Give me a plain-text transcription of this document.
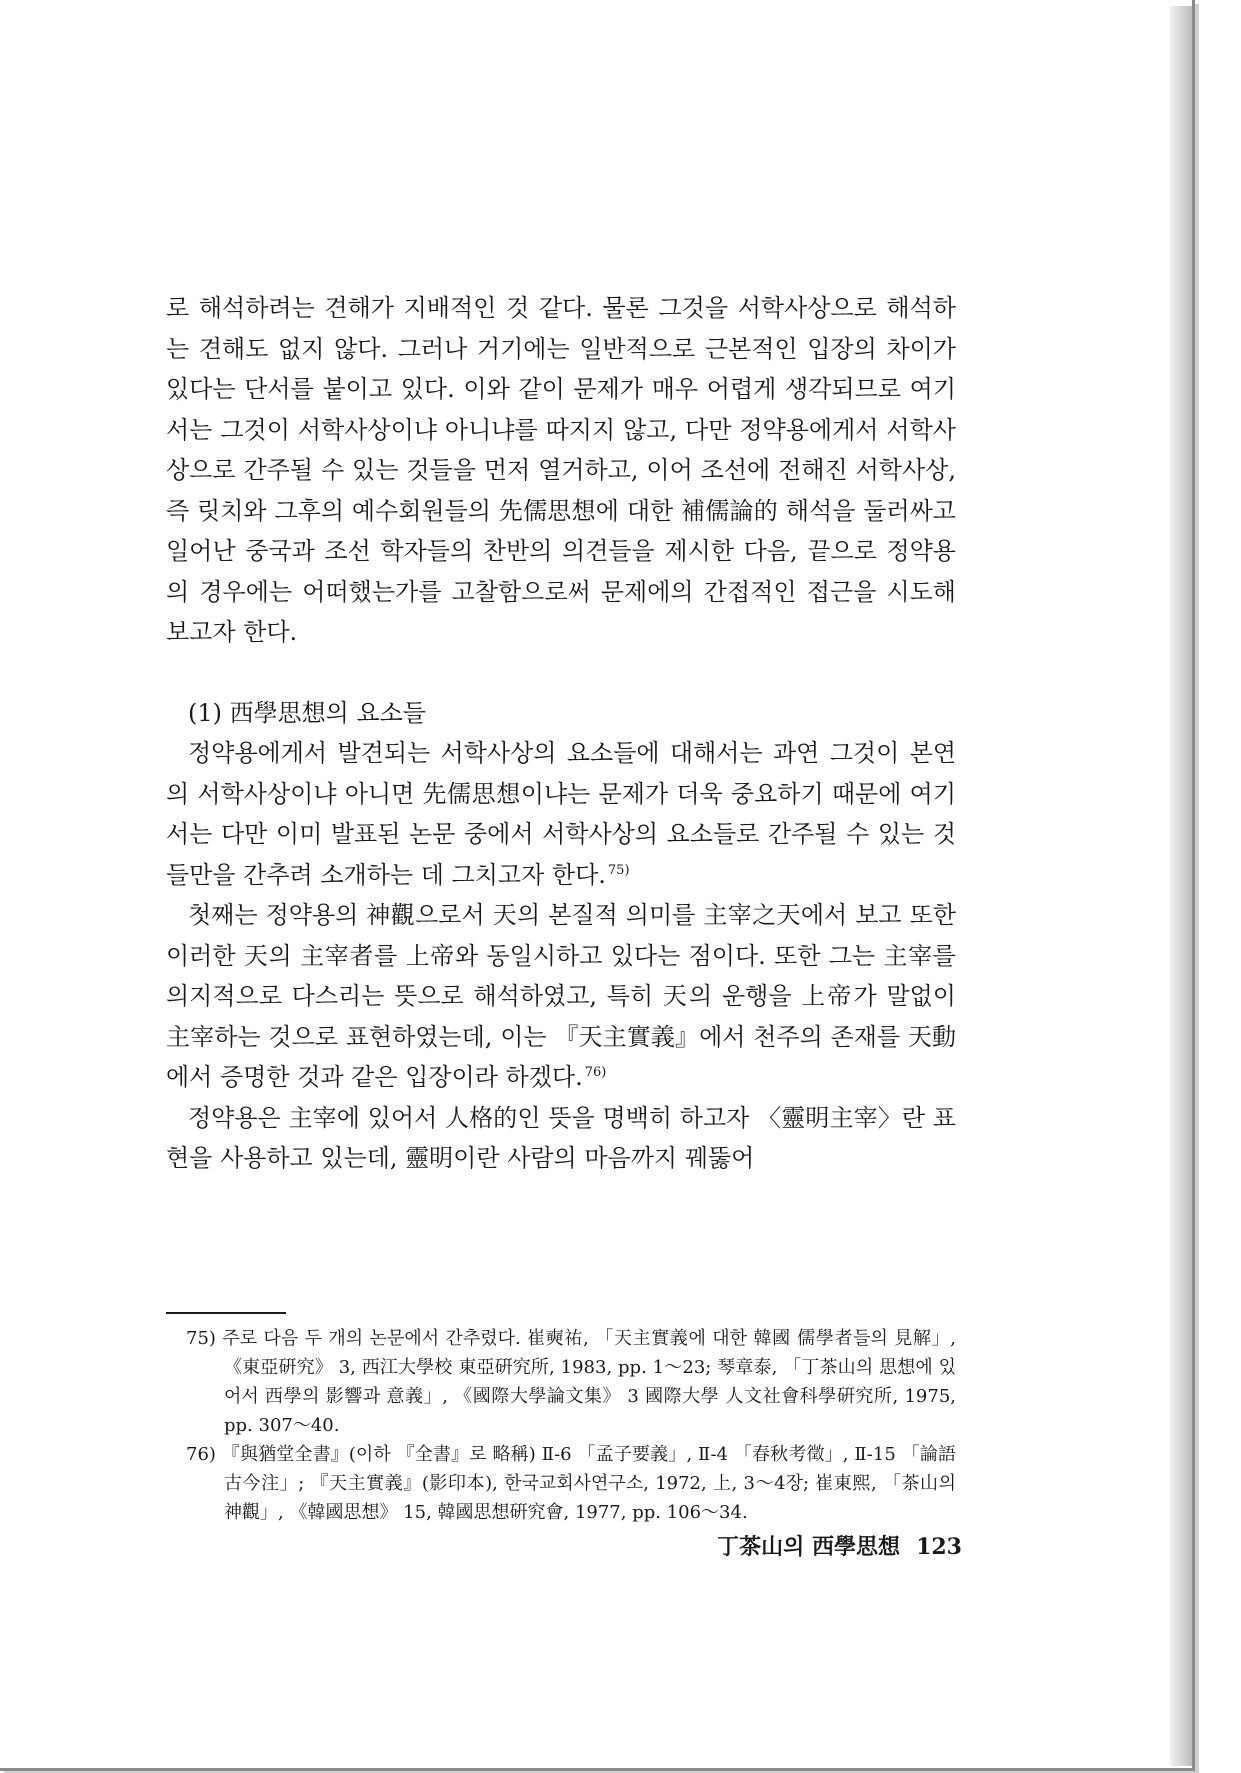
로 해석하려는 견해가 지배적인 것 같다. 물론 그것을 서학사상으로 해석하는 견해도 없지 않다. 그러나 거기에는 일반적으로 근본적인 입장의 차이가 있다는 단서를 붙이고 있다. 이와 같이 문제가 매우 어렵게 생각되므로 여기서는 그것이 서학사상이냐 아니냐를 따지지 않고, 다만 정약용에게서 서학사상으로 간주될 수 있는 것들을 먼저 열거하고, 이어 조선에 전해진 서학사상, 즉 릿치와 그후의 예수회원들의 先儒思想에 대한 補儒論的 해석을 둘러싸고 일어난 중국과 조선 학자들의 찬반의 의견들을 제시한 다음, 끝으로 정약용의 경우에는 어떠했는가를 고찰함으로써 문제에의 간접적인 접근을 시도해 보고자 한다.

(1) 西學思想의 요소들

정약용에게서 발견되는 서학사상의 요소들에 대해서는 과연 그것이 본연의 서학사상이냐 아니면 先儒思想이냐는 문제가 더욱 중요하기 때문에 여기서는 다만 이미 발표된 논문 중에서 서학사상의 요소들로 간주될 수 있는 것들만을 간추려 소개하는 데 그치고자 한다. $^{75)}$

첫째는 정약용의 神觀으로서 天의 본질적 의미를 主宰之天에서 보고 또한 이러한 天의 主宰者를 上帝와 동일시하고 있다는 점이다. 또한 그는 主宰를 의지적으로 다스리는 뜻으로 해석하였고, 특히 天의 운행을 上帝가 말없이 主宰하는 것으로 표현하였는데, 이는 『天主實義』에서 천주의 존재를 天動에서 증명한 것과 같은 입장이라 하겠다. $^{76)}$

정약용은 主宰에 있어서 人格的인 뜻을 명백히 하고자 〈靈明主宰〉란 표현을 사용하고 있는데, 靈明이란 사람의 마음까지 꿰뚫어

75) 주로 다음 두 개의 논문에서 간추렸다. 崔奭祐, 「天主實義에 대한 韓國 儒學者들의 見解」, 《東亞硏究》 3, 西江大學校 東亞硏究所, 1983, pp. 1～23; 琴章泰, 「丁茶山의 思想에 있어서 西學의 影響과 意義」, 《國際大學論文集》 3 國際大學 人文社會科學硏究所, 1975, pp. 307～40.

76) 『與猶堂全書』(이하 『全書』로 略稱) Ⅱ-6 「孟子要義」, Ⅱ-4 「春秋考徵」, Ⅱ-15 「論語古今注」; 『天主實義』(影印本), 한국교회사연구소, 1972, 上, 3～4장; 崔東熙, 「茶山의 神觀」, 《韓國思想》 15, 韓國思想硏究會, 1977, pp. 106～34.

丁茶山의 西學思想 123
